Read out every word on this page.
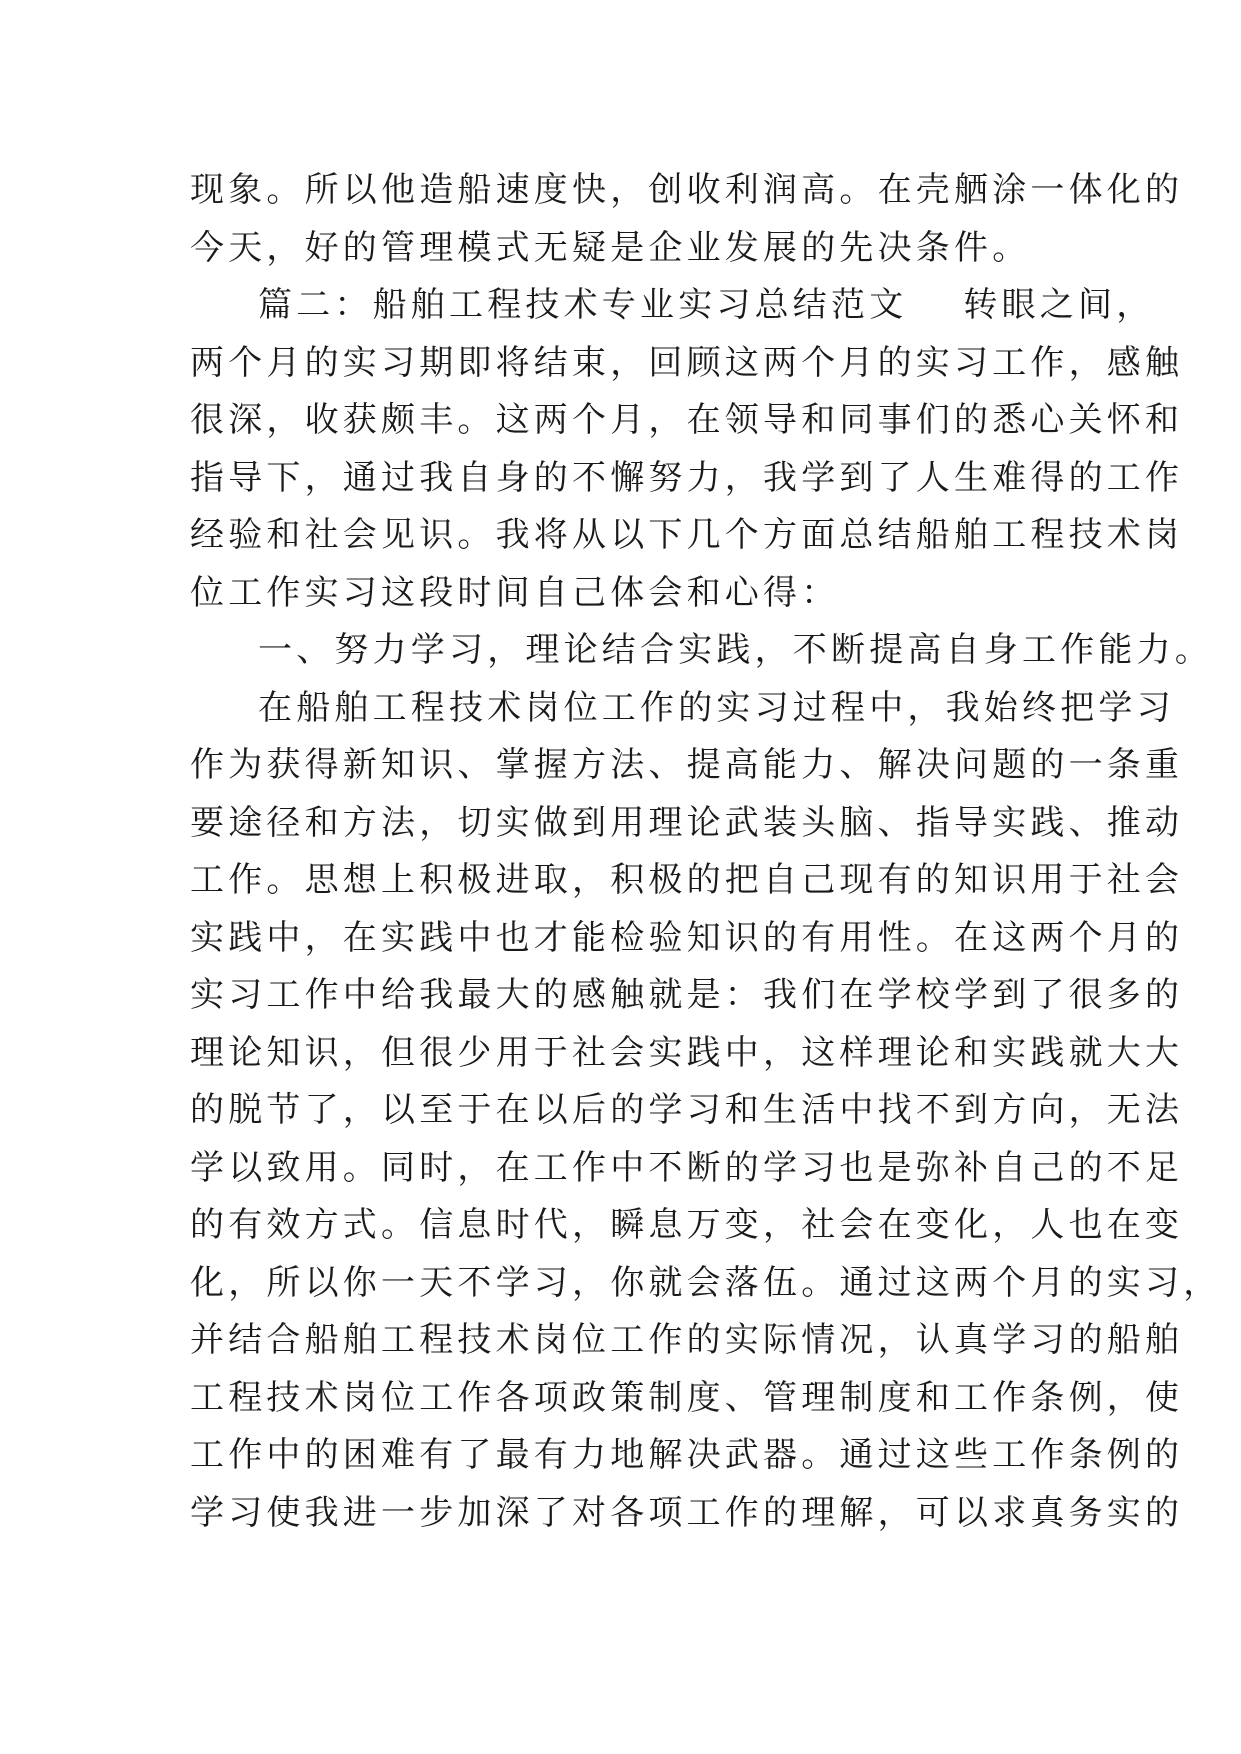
现象。所以他造船速度快，创收利润高。在壳舾涂一体化的
今天，好的管理模式无疑是企业发展的先决条件。
篇二：船舶工程技术专业实习总结范文 转眼之间，
两个月的实习期即将结束，回顾这两个月的实习工作，感触
很深，收获颇丰。这两个月，在领导和同事们的悉心关怀和
指导下，通过我自身的不懈努力，我学到了人生难得的工作
经验和社会见识。我将从以下几个方面总结船舶工程技术岗
位工作实习这段时间自己体会和心得：
一、努力学习，理论结合实践，不断提高自身工作能力。
在船舶工程技术岗位工作的实习过程中，我始终把学习
作为获得新知识、掌握方法、提高能力、解决问题的一条重
要途径和方法，切实做到用理论武装头脑、指导实践、推动
工作。思想上积极进取，积极的把自己现有的知识用于社会
实践中，在实践中也才能检验知识的有用性。在这两个月的
实习工作中给我最大的感触就是：我们在学校学到了很多的
理论知识，但很少用于社会实践中，这样理论和实践就大大
的脱节了，以至于在以后的学习和生活中找不到方向，无法
学以致用。同时，在工作中不断的学习也是弥补自己的不足
的有效方式。信息时代，瞬息万变，社会在变化，人也在变
化，所以你一天不学习，你就会落伍。通过这两个月的实习，
并结合船舶工程技术岗位工作的实际情况，认真学习的船舶
工程技术岗位工作各项政策制度、管理制度和工作条例，使
工作中的困难有了最有力地解决武器。通过这些工作条例的
学习使我进一步加深了对各项工作的理解，可以求真务实的
